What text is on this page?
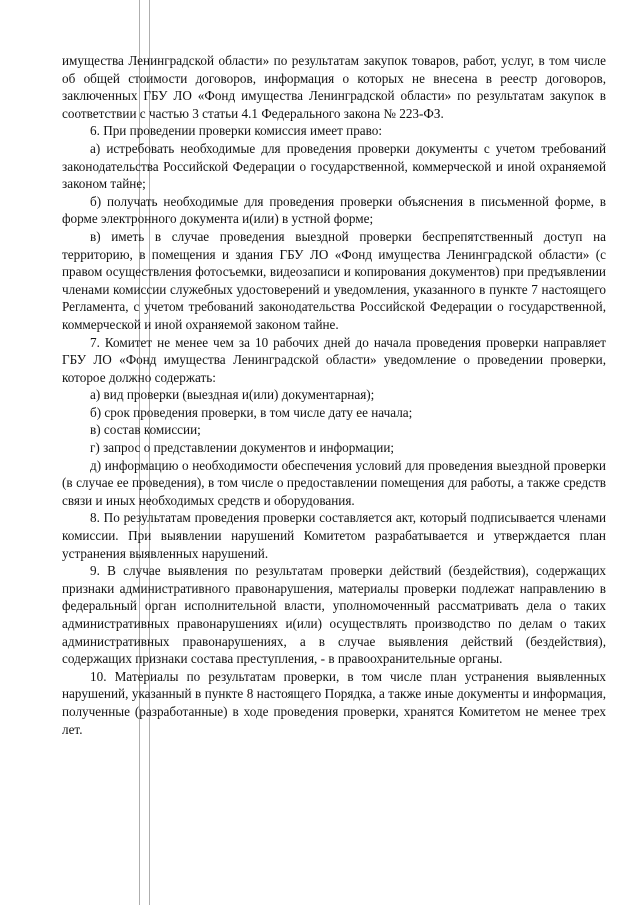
имущества Ленинградской области» по результатам закупок товаров, работ, услуг, в том числе об общей стоимости договоров, информация о которых не внесена в реестр договоров, заключенных ГБУ ЛО «Фонд имущества Ленинградской области» по результатам закупок в соответствии с частью 3 статьи 4.1 Федерального закона № 223-ФЗ.

6. При проведении проверки комиссия имеет право:

а) истребовать необходимые для проведения проверки документы с учетом требований законодательства Российской Федерации о государственной, коммерческой и иной охраняемой законом тайне;

б) получать необходимые для проведения проверки объяснения в письменной форме, в форме электронного документа и(или) в устной форме;

в) иметь в случае проведения выездной проверки беспрепятственный доступ на территорию, в помещения и здания ГБУ ЛО «Фонд имущества Ленинградской области» (с правом осуществления фотосъемки, видеозаписи и копирования документов) при предъявлении членами комиссии служебных удостоверений и уведомления, указанного в пункте 7 настоящего Регламента, с учетом требований законодательства Российской Федерации о государственной, коммерческой и иной охраняемой законом тайне.

7. Комитет не менее чем за 10 рабочих дней до начала проведения проверки направляет ГБУ ЛО «Фонд имущества Ленинградской области» уведомление о проведении проверки, которое должно содержать:

а) вид проверки (выездная и(или) документарная);

б) срок проведения проверки, в том числе дату ее начала;

в) состав комиссии;

г) запрос о представлении документов и информации;

д) информацию о необходимости обеспечения условий для проведения выездной проверки (в случае ее проведения), в том числе о предоставлении помещения для работы, а также средств связи и иных необходимых средств и оборудования.

8. По результатам проведения проверки составляется акт, который подписывается членами комиссии. При выявлении нарушений Комитетом разрабатывается и утверждается план устранения выявленных нарушений.

9. В случае выявления по результатам проверки действий (бездействия), содержащих признаки административного правонарушения, материалы проверки подлежат направлению в федеральный орган исполнительной власти, уполномоченный рассматривать дела о таких административных правонарушениях и(или) осуществлять производство по делам о таких административных правонарушениях, а в случае выявления действий (бездействия), содержащих признаки состава преступления, - в правоохранительные органы.

10. Материалы по результатам проверки, в том числе план устранения выявленных нарушений, указанный в пункте 8 настоящего Порядка, а также иные документы и информация, полученные (разработанные) в ходе проведения проверки, хранятся Комитетом не менее трех лет.
